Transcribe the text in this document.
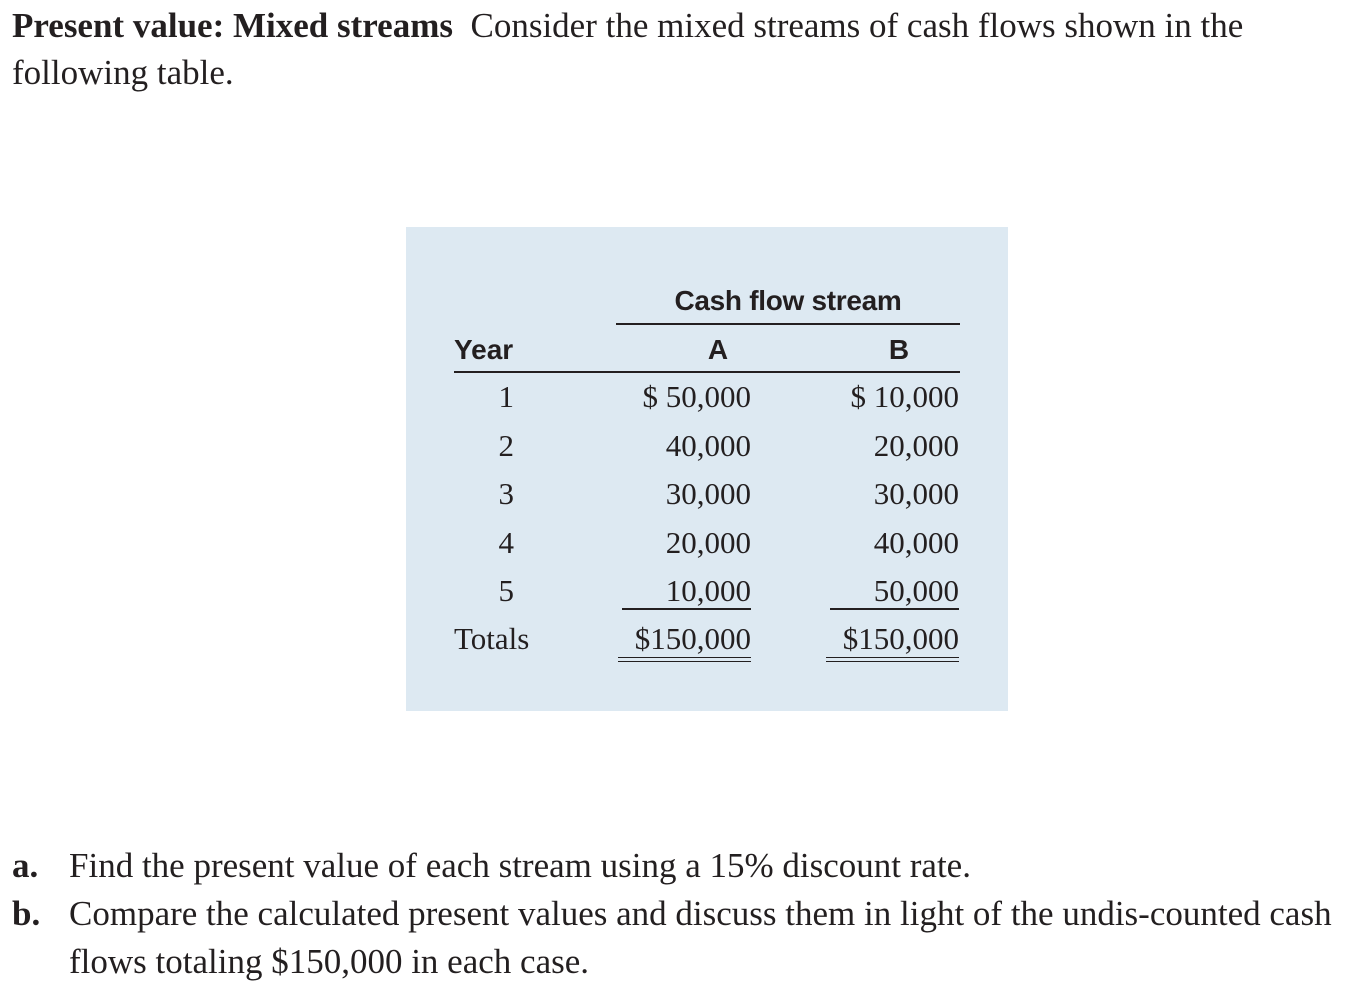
Present value: Mixed streams Consider the mixed streams of cash flows shown in the following table.

Cash flow stream
Year	A	B
1	$ 50,000	$ 10,000
2	40,000	20,000
3	30,000	30,000
4	20,000	40,000
5	10,000	50,000
Totals	$150,000	$150,000
a. Find the present value of each stream using a 15% discount rate.
b. Compare the calculated present values and discuss them in light of the undis-counted cash flows totaling $150,000 in each case.
